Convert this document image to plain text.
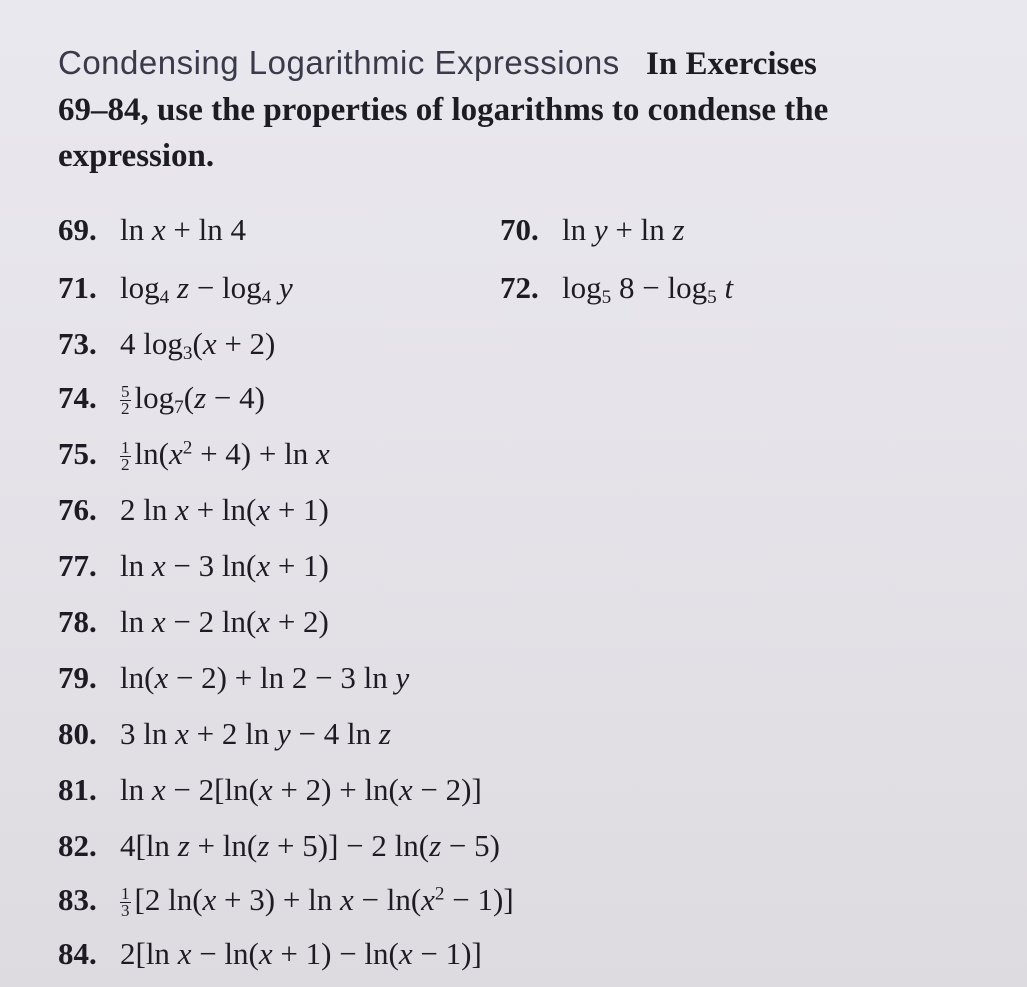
Condensing Logarithmic Expressions In Exercises
69–84, use the properties of logarithms to condense the
expression.
69. ln x + ln 4	70. ln y + ln z
71. $\log_4 z - \log_4 y$	72. $\log_5 8 - \log_5 t$
73. 4 $\log_3(x + 2)$
74. $\frac{5}{2} \log_7(z - 4)$
75. $\frac{1}{2} \ln(x^2 + 4) + \ln x$
76. 2 ln x + ln(x + 1)
77. ln x − 3 ln(x + 1)
78. ln x − 2 ln(x + 2)
79. ln(x − 2) + ln 2 − 3 ln y
80. 3 ln x + 2 ln y − 4 ln z
81. ln x − 2[ln(x + 2) + ln(x − 2)]
82. 4[ln z + ln(z + 5)] − 2 ln(z − 5)
83. $\frac{1}{3} [2$ $\ln(x + 3) + \ln x - \ln(x^2 - 1)$]
84. 2[ln x − ln(x + 1) − ln(x − 1)]
